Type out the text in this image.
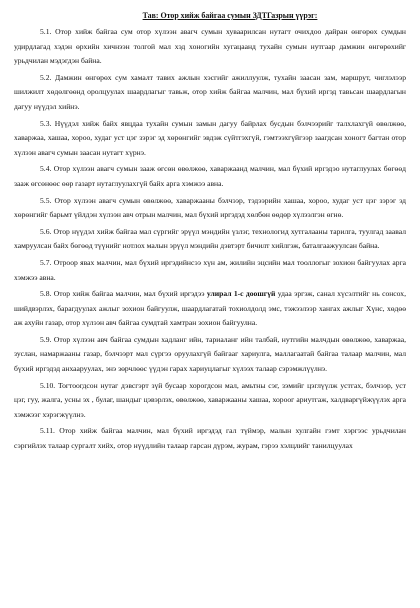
Тав: Отор хийж байгаа сумын ЗДТГазрын үүрэг:

5.1. Отор хийж байгаа сум отор хүлээн авагч сумын хуваарилсан нутагт очихдоо дайран өнгөрөх сумдын удирдлагад хэдэн өрхийн хичнээн толгой мал хэд хоногийн хугацаанд тухайн сумын нутгаар дамжин өнгөрөхийг урьдчилан мэдэгдэн байна.

5.2. Дамжин өнгөрөх сум хамалт тавих ажлын хэсгийг ажиллуулж, тухайн заасан зам, маршрут, чиглэлээр шилжилт хөдөлгөөнд оролцуулах шаардлагыг тавьж, отор хийж байгаа малчин, мал бүхий иргэд тавьсан шаардлагын дагуу нүүдэл хийнэ.

5.3. Нүүдэл хийж байх явцдаа тухайн сумын замын дагуу байрлах бусдын бэлчээрийг талхлахгүй өвөлжөө, хаваржаа, хашаа, хороо, худаг уст цэг зэрэг эд хөрөнгийг эвдэж сүйтгэхгүй, гэмтээхгүйгээр заагдсан хоногт багтан отор хүлээн авагч сумын заасан нутагт хүрнэ.

5.4. Отор хүлээн авагч сумын зааж өгсөн өвөлжөө, хаваржаанд малчин, мал бүхий иргэдэо нутаглуулах бөгөөд зааж өгсөнөөс өөр газарт нутаглуулахгүй байх арга хэмжээ авна.

5.5. Отор хүлээн авагч сумын өвөлжөө, хаваржааны бэлчээр, тэдээрийн хашаа, хороо, худаг уст цэг зэрэг эд хөрөнгийг барьмт үйлдэн хүлээн авч отрын малчин, мал бүхий иргэдэд хөлбөн өөдөр хүлээлгэн өгнө.

5.6. Отор нүүдэл хийж байгаа мал сүргийг эрүүл мэндийн үзлэг, технологид хутгалааны тарилга, туулгад заавал хамруулсан байх бөгөөд түүнийг нотлох малын эрүүл мэндийн дэвтэрт бичилт хийлгэж, баталгаажуулсан байна.

5.7. Отроор явах малчин, мал бүхий иргэдийнсээ хүн ам, жилийн эцсийн мал тооллогыг зохион байгуулах арга хэмжээ авна.

5.8. Отор хийж байгаа малчин, мал бүхий иргэдээ улирал 1-с доошгүй удаа эргэж, санал хүсэлтийг нь сонсох, шийдвэрлэх, барагдуулах ажлыг зохион байгуулж, шаардлагатай тохиолдолд эмс, тэжээлээр хангах ажлыг Хүнс, хөдөө аж ахуйн газар, отор хүлээн авч байгаа сумдтай хамтран зохион байгуулна.

5.9. Отор хүлээн авч байгаа сумдын хадланг ийн, тариаланг ийн талбай, нутгийн малчдын өвөлжөө, хаваржаа, зуслан, намаржааны газар, бэлчээрт мал сүргээ оруулахгүй байгааг хариулга, маллагаатай байгаа талаар малчин, мал бүхий иргэдэд анхааруулах, энэ зөрчлөөс үүдэн гарах хариуцлагыг хүлээх талаар сэрэмжлүүлнэ.

5.10. Тогтоогдсон нутаг дэвсгэрт зүй бусаар хорогдсон мал, амьтны сэг, зэмийг цэглүүлж устгах, бэлчээр, уст цэг, гуу, жалга, усны эх , булаг, шандыг цэвэрлэх, өвөлжөө, хаваржааны хашаа, хороог ариутгаж, халдваргүйжүүлэх арга хэмжээг хэрэгжүүлнэ.

5.11. Отор хийж байгаа малчин, мал бүхий иргэдэд гал түймэр, малын хулгайн гэмт хэргээс урьдчилан сэргийлэх талаар сургалт хийх, отор нүүдлийн талаар гарсан дүрэм, журам, гэрээ хэлцлийг танилцуулах
